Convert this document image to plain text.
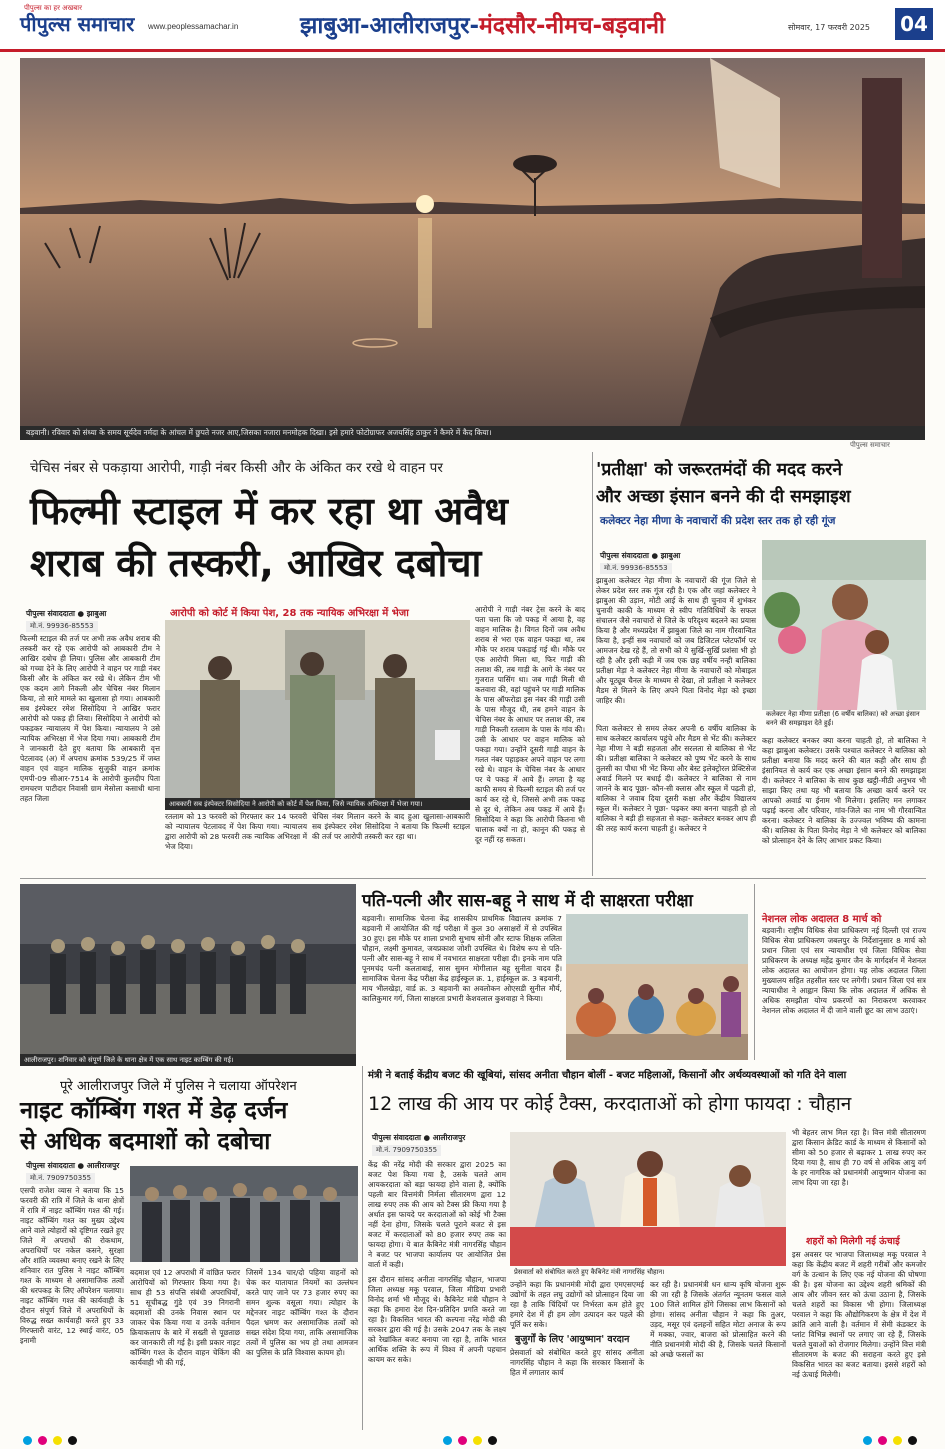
पीपुल्स का हर अखबार
पीपुल्स समाचार www.peoplessamachar.in	झाबुआ-आलीराजपुर-मंदसौर-नीमच-बड़वानी	सोमवार, 17 फरवरी 2025 04
बड़वानी। रविवार को संध्या के समय सूर्यदेव नर्मदा के आंचल में छुपते नजर आए,जिसका नजारा मनमोहक दिखा। इसे हमारे फोटोग्राफर अजयसिंह ठाकुर ने कैमरे में कैद किया।
पीपुल्स समाचार
चेचिस नंबर से पकड़ाया आरोपी, गाड़ी नंबर किसी और के अंकित कर रखे थे वाहन पर
फिल्मी स्टाइल में कर रहा था अवैध
शराब की तस्करी, आखिर दबोचा
पीपुल्स संवाददाता ● झाबुआ
मो.नं. 99936-85553
फिल्मी स्टाइल की तर्ज पर अभी तक अवैध शराब की तस्करी कर रहे एक आरोपी को आबकारी टीम ने आखिर दबोच ही लिया। पुलिस और आबकारी टीम को गच्चा देने के लिए आरोपी ने वाहन पर गाड़ी नंबर किसी और के अंकित कर रखे थे। लेकिन टीम भी एक कदम आगे निकली और चेचिस नंबर मिलान किया, तो सारे मामले का खुलासा हो गया। आबकारी सब इंस्पेक्टर रमेश सिसोदिया ने आखिर फरार आरोपी को पकड़ ही लिया। सिसोदिया ने आरोपी को पकड़कर न्यायालय में पेश किया। न्यायालय ने उसे न्यायिक अभिरक्षा में भेज दिया गया। आबकारी टीम ने जानकारी देते हुए बताया कि आबकारी वृत्त पेटलावद (अ) में अपराध क्रमांक 539/25 में जब्त वाहन एवं वाहन मालिक सुजुकी वाहन क्रमांक एमपी-09 सीआर-7514 के आरोपी कुलदीप पिता रामचरण पाटीदार निवासी ग्राम मेसोला कसाधी थाना तहत जिला
आरोपी को कोर्ट में किया पेश, 28 तक न्यायिक अभिरक्षा में भेजा
आबकारी सब इंस्पेक्टर सिसोदिया ने आरोपी को कोर्ट में पेश किया, जिसे न्यायिक अभिरक्षा में भेजा गया।
रतलाम को 13 फरवरी को गिरफ्तार कर 14 फरवरी को न्यायालय पेटलावद में पेश किया गया। न्यायालय द्वारा आरोपी को 28 फरवरी तक न्यायिक अभिरक्षा में भेज दिया।
चेचिस नंबर मिलान करने के बाद हुआ खुलासा-आबकारी सब इंस्पेक्टर रमेश सिसोदिया ने बताया कि फिल्मी स्टाइल की तर्ज पर आरोपी तस्करी कर रहा था।
आरोपी ने गाड़ी नंबर ट्रेस करने के बाद पता चला कि जो पकड़ में आया है, वह वाहन मालिक है। विगत दिनों जब अवैध शराब से भरा एक वाहन पकड़ा था, तब मौके पर शराब पकड़ाई गई थी। मौके पर एक आरोपी मिला था, फिर गाड़ी की तलाश की, तब गाड़ी के आगे के नंबर पर गुजरात पासिंग था। जब गाड़ी मिली थी कतवारा की, वहां पहुंचने पर गाड़ी मालिक के पास ऑफरोडा इस नंबर की गाड़ी उसी के पास मौजूद थी, तब हमने वाहन के चेचिस नंबर के आधार पर तलाश की, तब गाड़ी निकली रतलाम के पास के गांव की। उसी के आधार पर वाहन मालिक को पकड़ा गया। उन्होंने दूसरी गाड़ी वाहन के गलत नंबर पहाड़कर अपने वाहन पर लगा रखे थे। वाहन के चेचिस नंबर के आधार पर ये पकड़ में आये हैं। लगता है यह काफी समय से फिल्मी स्टाइल की तर्ज पर कार्य कर रहे थे, जिससे अभी तक पकड़ से दूर थे, लेकिन अब पकड़ में आये हैं। सिसोदिया ने कहा कि आरोपी कितना भी चालाक क्यों ना हो, कानून की पकड़ से दूर नहीं रह सकता।
'प्रतीक्षा' को जरूरतमंदों की मदद करने
और अच्छा इंसान बनने की दी समझाइश
कलेक्टर नेहा मीणा के नवाचारों की प्रदेश स्तर तक हो रही गूंज
पीपुल्स संवाददाता ● झाबुआ
मो.नं. 99936-85553
झाबुआ कलेक्टर नेहा मीणा के नवाचारों की गूंज जिले से लेकर प्रदेश स्तर तक गूंज रही है। एक और जहां कलेक्टर ने झाबुआ की उड़ान, मोटी आई के साथ ही चुनाव में शुभंकर चुनावी काकी के माध्यम से स्वीप गतिविधियों के सफल संचालन जैसे नवाचारों से जिले के परिदृश्य बदलने का प्रयास किया है और मध्यप्रदेश में झाबुआ जिले का नाम गौरवान्वित किया है, इन्हीं सब नवाचारों को जब डिजिटल प्लेटफॉर्म पर आमजन देख रहे हैं, तो सभी को ये सुर्खि-सुर्खि प्रशंसा भी हो रही है और इसी कड़ी में जब एक छह वर्षीय नन्ही बालिका प्रतीक्षा मेड़ा ने कलेक्टर नेहा मीणा के नवाचारों को मोबाइल और यूट्यूब चैनल के माध्यम से देखा, तो प्रतीक्षा ने कलेक्टर मैडम से मिलने के लिए अपने पिता विनोद मेड़ा को इच्छा जाहिर की।
कलेक्टर नेहा मीणा प्रतीक्षा (6 वर्षीय बालिका) को अच्छा इंसान बनने की समझाइश देते हुईं।
पिता कलेक्टर से समय लेकर अपनी 6 वर्षीय बालिका के साथ कलेक्टर कार्यालय पहुंचे और मैडम से भेंट की। कलेक्टर नेहा मीणा ने बड़ी सहजता और सरलता से बालिका से भेंट की। प्रतीक्षा बालिका ने कलेक्टर को पुष्प भेंट करने के साथ तुलसी का पौधा भी भेंट किया और बेस्ट इलेक्ट्रोरल प्रेक्टिसेज अवार्ड मिलने पर बधाई दी। कलेक्टर ने बालिका से नाम जानने के बाद पूछा- कौन-सी क्लास और स्कूल में पढ़ती हो, बालिका ने जवाब दिया दूसरी कक्षा और केंद्रीय विद्यालय स्कूल में। कलेक्टर ने पूछा- पढ़कर क्या बनना चाहती हो तो बालिका ने बड़ी ही सहजता से कहा- कलेक्टर बनकर आप ही की तरह कार्य करना चाहती हूं। कलेक्टर ने
कहा कलेक्टर बनकर क्या करना चाहती हो, तो बालिका ने कहा झाबुआ कलेक्टर। उसके पश्चात कलेक्टर ने बालिका को प्रतीक्षा बनाया कि मदद करने की बात कही और साथ ही इंसानियत से कार्य कर एक अच्छा इंसान बनने की समझाइश दी। कलेक्टर ने बालिका के साथ कुछ खट्ठी-मीठी अनुभव भी साझा किए तथा यह भी बताया कि अच्छा कार्य करने पर आपको अवार्ड या ईनाम भी मिलेगा। इसलिए मन लगाकर पढ़ाई करना और परिवार, गांव-जिले का नाम भी गौरवान्वित करना। कलेक्टर ने बालिका के उज्ज्वल भविष्य की कामना की। बालिका के पिता विनोद मेड़ा ने भी कलेक्टर को बालिका को प्रोत्साहन देने के लिए आभार प्रकट किया।
आलीराजपुर। शनिवार को संपूर्ण जिले के थाना क्षेत्र में एक साथ नाइट काम्बिंग की गई।
पति-पत्नी और सास-बहू ने साथ में दी साक्षरता परीक्षा
बड़वानी। सामाजिक चेतना केंद्र शासकीय प्राथमिक विद्यालय क्रमांक 7 बड़वानी में आयोजित की गई परीक्षा में कुल 30 असाक्षरों में से उपस्थित 30 हुए। इस मौके पर शाला प्रभारी सुभाष सोनी और स्टाफ शिक्षक ललिता चौहान, लक्ष्मी कुमावत, जयप्रकाश जोशी उपस्थित थे। विशेष रूप से पति-पत्नी और सास-बहू ने साथ में नवभारत साक्षरता परीक्षा दी। इनके नाम पति पूनमचंद पत्नी कलताबाई, सास सुमन मोगीलाल बहू सुनीता यादव हैं। सामाजिक चेतना केंद्र परीक्षा केंद्र हाईस्कूल क्र. 1, हाईस्कूल क्र. 3 बड़वानी, माय भीलखेड़ा, वार्ड क्र. 3 बड़वानी का अवलोकन ओएसडी सुनील मौर्य, कालिकुमार गर्ग, जिला साक्षरता प्रभारी केशवलाल कुशवाहा ने किया।
नेशनल लोक अदालत 8 मार्च को
बड़वानी। राष्ट्रीय विधिक सेवा प्राधिकरण नई दिल्ली एवं राज्य विधिक सेवा प्राधिकरण जबलपुर के निर्देशानुसार 8 मार्च को प्रधान जिला एवं सत्र न्यायाधीश एवं जिला विधिक सेवा प्राधिकरण के अध्यक्ष महेंद्र कुमार जैन के मार्गदर्शन में नेशनल लोक अदालत का आयोजन होगा। यह लोक अदालत जिला मुख्यालय सहित तहसील स्तर पर लगेगी। प्रधान जिला एवं सत्र न्यायाधीश ने आह्वान किया कि लोक अदालत में अधिक से अधिक समझौता योग्य प्रकरणों का निराकरण करवाकर नेशनल लोक अदालत में दी जाने वाली छूट का लाभ उठाएं।
पूरे आलीराजपुर जिले में पुलिस ने चलाया ऑपरेशन
नाइट कॉम्बिंग गश्त में डेढ़ दर्जन
से अधिक बदमाशों को दबोचा
पीपुल्स संवाददाता ● आलीराजपुर
मो.नं. 7909750355
एसपी राजेश व्यास ने बताया कि 15 फरवरी की रात्रि में जिले के थाना क्षेत्रों में रात्रि में नाइट कॉम्बिंग गश्त की गई। नाइट कॉम्बिंग गश्त का मुख्य उद्देश्य आने वाले त्योहारों को दृष्टिगत रखते हुए जिले में अपराधों की रोकथाम, अपराधियों पर नकेल कसने, सुरक्षा और शांति व्यवस्था बनाए रखने के लिए शनिवार रात पुलिस ने नाइट कॉम्बिंग गश्त के माध्यम से असामाजिक तत्वों की धरपकड़ के लिए ऑपरेशन चलाया। नाइट कॉम्बिंग गश्त की कार्यवाही के दौरान संपूर्ण जिले में अपराधियों के विरुद्ध सख्त कार्यवाही करते हुए 33 गिरफ्तारी वारंट, 12 स्थाई वारंट, 05 इनामी
बदमाश एवं 12 अपराधी में वांछित फरार आरोपियों को गिरफ्तार किया गया है। साथ ही 53 संपत्ति संबंधी अपराधियों, 51 सूचीबद्ध गुंडे एवं 39 निगरानी बदमाशों की उनके निवास स्थान पर जाकर चेक किया गया व उनके वर्तमान क्रियाकलाप के बारे में सख्ती से पूछताछ कर जानकारी ली गई है। इसी प्रकार नाइट कॉम्बिंग गश्त के दौरान वाहन चेकिंग की कार्यवाही भी की गई,
जिसमें 134 चार/दो पहिया वाहनों को चेक कर यातायात नियमों का उल्लंघन करते पाए जाने पर 73 हजार रुपए का समन शुल्क वसूला गया। त्योहार के मद्देनजर नाइट कॉम्बिंग गश्त के दौरान पैदल भ्रमण कर असामाजिक तत्वों को सख्त संदेश दिया गया, ताकि असामाजिक तत्वों में पुलिस का भय हो तथा आमजन का पुलिस के प्रति विश्वास कायम हो।
मंत्री ने बताई केंद्रीय बजट की खूबियां, सांसद अनीता चौहान बोलीं - बजट महिलाओं, किसानों और अर्थव्यवस्थाओं को गति देने वाला
12 लाख की आय पर कोई टैक्स, करदाताओं को होगा फायदा : चौहान
पीपुल्स संवाददाता ● आलीराजपुर
मो.नं. 7909750355
केंद्र की नरेंद्र मोदी की सरकार द्वारा 2025 का बजट पेश किया गया है, उसके चलते आम आयकरदाता को बड़ा फायदा होने वाला है, क्योंकि पहली बार वित्तमंत्री निर्मला सीतारमण द्वारा 12 लाख रुपए तक की आय को टैक्स फ्री किया गया है अर्थात इस फायदे पर करदाताओं को कोई भी टैक्स नहीं देना होगा, जिसके चलते पूराने बजट से इस बजट में करदाताओं को 80 हजार रुपए तक का फायदा होगा। ये बात कैबिनेट मंत्री नागरसिंह चौहान ने बजट पर भाजपा कार्यालय पर आयोजित प्रेस वार्ता में कही।
प्रेसवार्ता को संबोधित करते हुए कैबिनेट मंत्री नागरसिंह चौहान।
इस दौरान सांसद अनीता नागरसिंह चौहान, भाजपा जिला अध्यक्ष मकू परवाल, जिला मीडिया प्रभारी विनोद शर्मा भी मौजूद थे। कैबिनेट मंत्री चौहान ने कहा कि हमारा देश दिन-प्रतिदिन प्रगति करते जा रहा है। विकसित भारत की कल्पना नरेंद्र मोदी की सरकार द्वारा की गई है। उसके 2047 तक के लक्ष्य को रेखांकित बजट बनाया जा रहा है, ताकि भारत आर्थिक शक्ति के रूप में विश्व में अपनी पहचान कायम कर सके।
उन्होंने कहा कि प्रधानमंत्री मोदी द्वारा एमएसएमई उद्योगों के तहत लघु उद्योगों को प्रोत्साहन दिया जा रहा है ताकि चिंदियों पर निर्भरता कम होते हुए हमारे देश में ही हम लोग उत्पादन कर पहले की पूर्ति कर सके।
बुजुर्गों के लिए 'आयुष्मान' वरदान
प्रेसवार्ता को संबोधित करते हुए सांसद अनीता नागरसिंह चौहान ने कहा कि सरकार किसानों के हित में लगातार कार्य
कर रही है। प्रधानमंत्री धन धान्य कृषि योजना शुरू की जा रही है जिसके अंतर्गत न्यूनतम फसल वाले 100 जिले शामिल होंगे जिसका लाभ किसानों को होगा। सांसद अनीता चौहान ने कहा कि तुअर, उड़द, मसूर एवं दलहनों सहित मोटा अनाज के रूप में मक्का, ज्वार, बाजरा को प्रोत्साहित करने की नीति प्रधानमंत्री मोदी की है, जिसके चलते किसानों को अच्छे फसलों का
भी बेहतर लाभ मिल रहा है। वित्त मंत्री सीतारमण द्वारा किसान क्रेडिट कार्ड के माध्यम से किसानों को सीमा को 50 हजार से बढ़ाकर 1 लाख रुपए कर दिया गया है, साथ ही 70 वर्ष से अधिक आयु वर्ग के हर नागरिक को प्रधानमंत्री आयुष्मान योजना का लाभ दिया जा रहा है।
शहरों को मिलेगी नई ऊंचाई
इस अवसर पर भाजपा जिलाध्यक्ष मकू परवाल ने कहा कि केंद्रीय बजट में शहरी गरीबों और कमजोर वर्ग के उत्थान के लिए एक नई योजना की घोषणा की है। इस योजना का उद्देश्य शहरी श्रमिकों की आय और जीवन स्तर को ऊंचा उठाना है, जिसके चलते शहरों का विकास भी होगा। जिलाध्यक्ष परवाल ने कहा कि औद्योगिकरण के क्षेत्र में देश में क्रांति आने वाली है। वर्तमान में सेमी कंडक्टर के प्लांट विभिन्न स्थानों पर लगाए जा रहे हैं, जिसके चलते युवाओं को रोजगार मिलेगा। उन्होंने वित्त मंत्री सीतारमण के बजट की सराहना करते हुए इसे विकसित भारत का बजट बताया। इससे शहरों को नई ऊंचाई मिलेगी।
